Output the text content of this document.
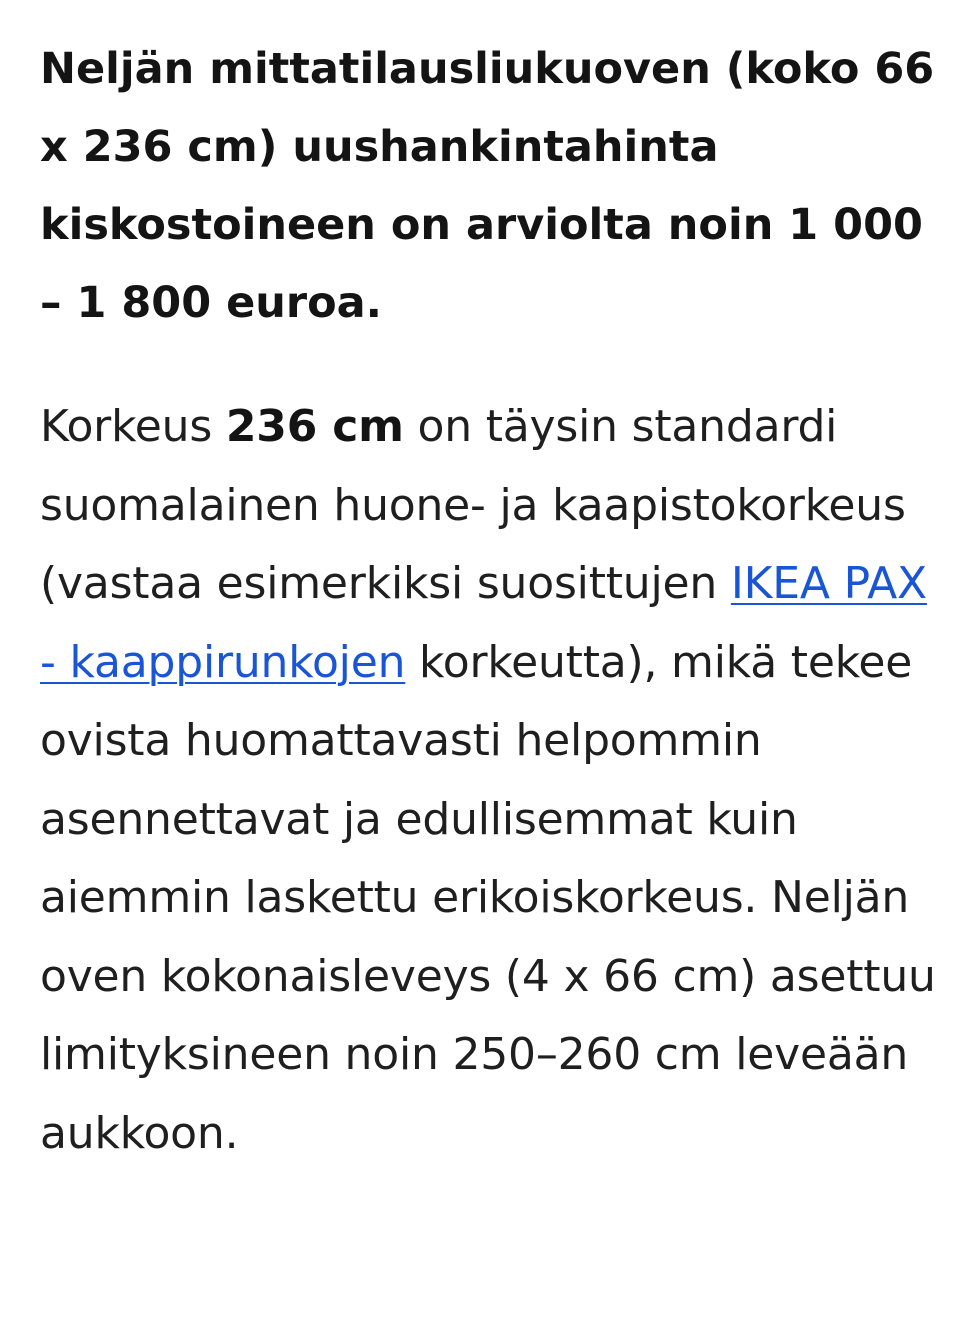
Neljän mittatilausliukuoven (koko 66 x 236 cm) uushankintahinta kiskostoineen on arviolta noin 1 000 – 1 800 euroa.

Korkeus 236 cm on täysin standardi suomalainen huone- ja kaapistokorkeus (vastaa esimerkiksi suosittujen IKEA PAX - kaappirunkojen korkeutta), mikä tekee ovista huomattavasti helpommin asennettavat ja edullisemmat kuin aiemmin laskettu erikoiskorkeus. Neljän oven kokonaisleveys (4 x 66 cm) asettuu limityksineen noin 250–260 cm leveään aukkoon.
